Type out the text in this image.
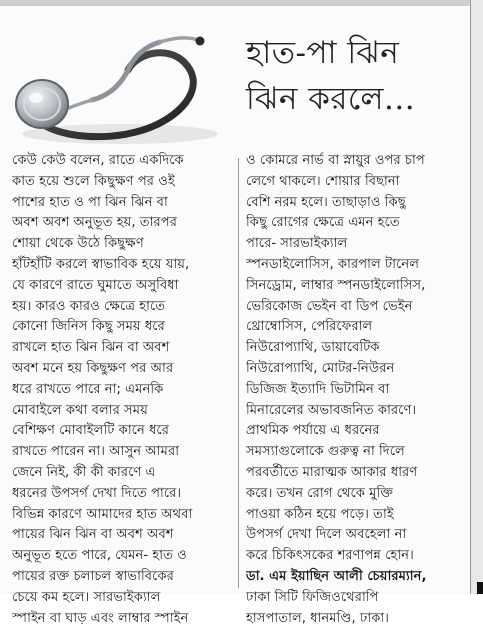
হাত-পা ঝিন
ঝিন করলে...
কেউ কেউ বলেন, রাতে একদিকে
কাত হয়ে শুলে কিছুক্ষণ পর ওই
পাশের হাত ও পা ঝিন ঝিন বা
অবশ অবশ অনুভূত হয়, তারপর
শোয়া থেকে উঠে কিছুক্ষণ
হাঁটহাঁটি করলে স্বাভাবিক হয়ে যায়,
যে কারণে রাতে ঘুমাতে অসুবিধা
হয়। কারও কারও ক্ষেত্রে হাতে
কোনো জিনিস কিছু সময় ধরে
রাখলে হাত ঝিন ঝিন বা অবশ
অবশ মনে হয় কিছুক্ষণ পর আর
ধরে রাখতে পারে না; এমনকি
মোবাইলে কথা বলার সময়
বেশিক্ষণ মোবাইলটি কানে ধরে
রাখতে পারেন না। আসুন আমরা
জেনে নিই, কী কী কারণে এ
ধরনের উপসর্গ দেখা দিতে পারে।
বিভিন্ন কারণে আমাদের হাত অথবা
পায়ের ঝিন ঝিন বা অবশ অবশ
অনুভূত হতে পারে, যেমন- হাত ও
পায়ের রক্ত চলাচল স্বাভাবিকের
চেয়ে কম হলে। সারভাইক্যাল
স্পাইন বা ঘাড় এবং লাম্বার স্পাইন
ও কোমরে নার্ভ বা স্নায়ুর ওপর চাপ
লেগে থাকলে। শোয়ার বিছানা
বেশি নরম হলে। তাছাড়াও কিছু
কিছু রোগের ক্ষেত্রে এমন হতে
পারে- সারভাইক্যাল
স্পনডাইলোসিস, কারপাল টানেল
সিনড্রোম, লাম্বার স্পনডাইলোসিস,
ভেরিকোজ ভেইন বা ডিপ ভেইন
থ্রোম্বোসিস, পেরিফেরাল
নিউরোপ্যাথি, ডায়াবেটিক
নিউরোপ্যাথি, মোটর-নিউরন
ডিজিজ ইত্যাদি ভিটামিন বা
মিনারেলের অভাবজনিত কারণে।
প্রাথমিক পর্যায়ে এ ধরনের
সমস্যাগুলোকে গুরুত্ব না দিলে
পরবর্তীতে মারাত্মক আকার ধারণ
করে। তখন রোগ থেকে মুক্তি
পাওয়া কঠিন হয়ে পড়ে। তাই
উপসর্গ দেখা দিলে অবহেলা না
করে চিকিৎসকের শরণাপন্ন হোন।
ডা. এম ইয়াছিন আলী চেয়ারম্যান,
ঢাকা সিটি ফিজিওথেরাপি
হাসপাতাল, ধানমণ্ডি, ঢাকা।
